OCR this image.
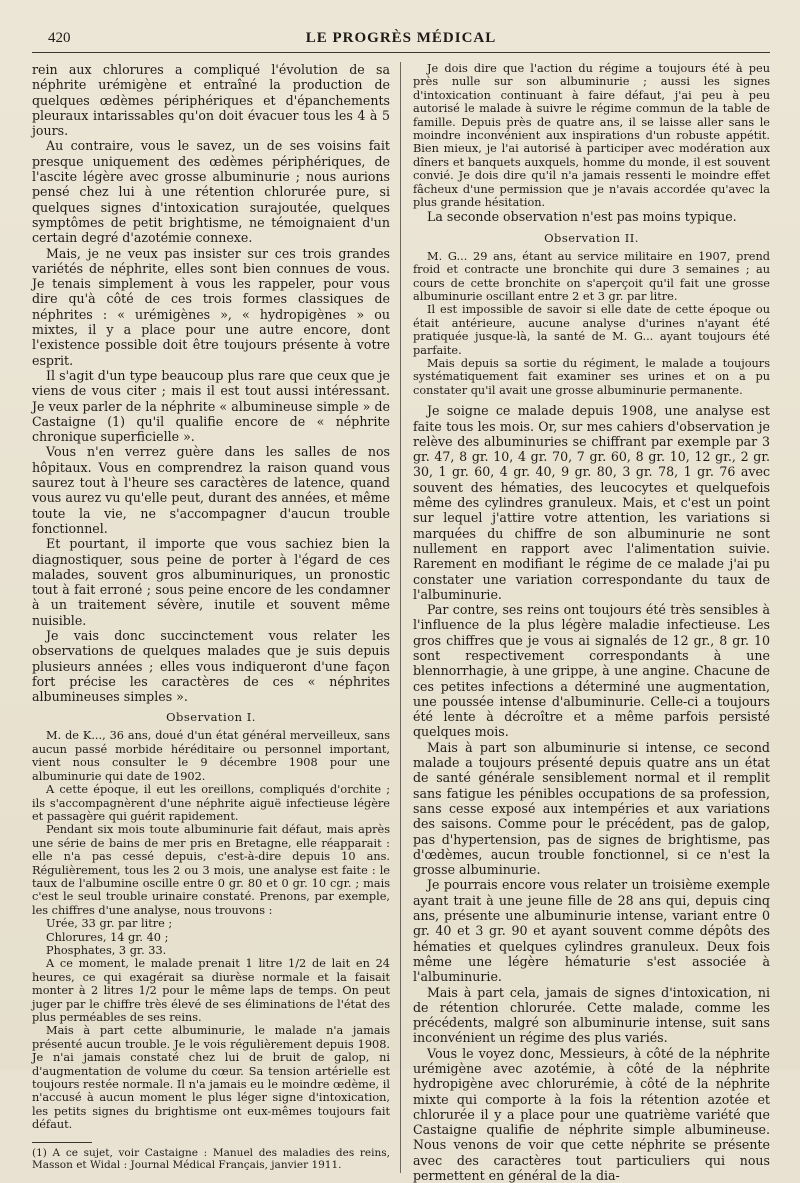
420	LE PROGRÈS MÉDICAL

rein aux chlorures a compliqué l'évolution de sa néphrite urémigène et entraîné la production de quelques œdèmes périphériques et d'épanchements pleuraux intarissables qu'on doit évacuer tous les 4 à 5 jours.

Au contraire, vous le savez, un de ses voisins fait presque uniquement des œdèmes périphériques, de l'ascite légère avec grosse albuminurie ; nous aurions pensé chez lui à une rétention chlorurée pure, si quelques signes d'intoxication surajoutée, quelques symptômes de petit brightisme, ne témoignaient d'un certain degré d'azotémie connexe.

Mais, je ne veux pas insister sur ces trois grandes variétés de néphrite, elles sont bien connues de vous. Je tenais simplement à vous les rappeler, pour vous dire qu'à côté de ces trois formes classiques de néphrites : « urémigènes », « hydropigènes » ou mixtes, il y a place pour une autre encore, dont l'existence possible doit être toujours présente à votre esprit.

Il s'agit d'un type beaucoup plus rare que ceux que je viens de vous citer ; mais il est tout aussi intéressant. Je veux parler de la néphrite « albumineuse simple » de Castaigne (1) qu'il qualifie encore de « néphrite chronique superficielle ».

Vous n'en verrez guère dans les salles de nos hôpitaux. Vous en comprendrez la raison quand vous saurez tout à l'heure ses caractères de latence, quand vous aurez vu qu'elle peut, durant des années, et même toute la vie, ne s'accompagner d'aucun trouble fonctionnel.

Et pourtant, il importe que vous sachiez bien la diagnostiquer, sous peine de porter à l'égard de ces malades, souvent gros albuminuriques, un pronostic tout à fait erroné ; sous peine encore de les condamner à un traitement sévère, inutile et souvent même nuisible.

Je vais donc succinctement vous relater les observations de quelques malades que je suis depuis plusieurs années ; elles vous indiqueront d'une façon fort précise les caractères de ces « néphrites albumineuses simples ».

Observation I.

M. de K..., 36 ans, doué d'un état général merveilleux, sans aucun passé morbide héréditaire ou personnel important, vient nous consulter le 9 décembre 1908 pour une albuminurie qui date de 1902.

A cette époque, il eut les oreillons, compliqués d'orchite ; ils s'accompagnèrent d'une néphrite aiguë infectieuse légère et passagère qui guérit rapidement.

Pendant six mois toute albuminurie fait défaut, mais après une série de bains de mer pris en Bretagne, elle réapparait : elle n'a pas cessé depuis, c'est-à-dire depuis 10 ans. Régulièrement, tous les 2 ou 3 mois, une analyse est faite : le taux de l'albumine oscille entre 0 gr. 80 et 0 gr. 10 cgr. ; mais c'est le seul trouble urinaire constaté. Prenons, par exemple, les chiffres d'une analyse, nous trouvons :

Urée, 33 gr. par litre ;

Chlorures, 14 gr. 40 ;

Phosphates, 3 gr. 33.

A ce moment, le malade prenait 1 litre 1/2 de lait en 24 heures, ce qui exagérait sa diurèse normale et la faisait monter à 2 litres 1/2 pour le même laps de temps. On peut juger par le chiffre très élevé de ses éliminations de l'état des plus perméables de ses reins.

Mais à part cette albuminurie, le malade n'a jamais présenté aucun trouble. Je le vois régulièrement depuis 1908. Je n'ai jamais constaté chez lui de bruit de galop, ni d'augmentation de volume du cœur. Sa tension artérielle est toujours restée normale. Il n'a jamais eu le moindre œdème, il n'accusé à aucun moment le plus léger signe d'intoxication, les petits signes du brightisme ont eux-mêmes toujours fait défaut.

(1) A ce sujet, voir Castaigne : Manuel des maladies des reins, Masson et Widal : Journal Médical Français, janvier 1911.

Je dois dire que l'action du régime a toujours été à peu près nulle sur son albuminurie ; aussi les signes d'intoxication continuant à faire défaut, j'ai peu à peu autorisé le malade à suivre le régime commun de la table de famille. Depuis près de quatre ans, il se laisse aller sans le moindre inconvénient aux inspirations d'un robuste appétit. Bien mieux, je l'ai autorisé à participer avec modération aux dîners et banquets auxquels, homme du monde, il est souvent convié. Je dois dire qu'il n'a jamais ressenti le moindre effet fâcheux d'une permission que je n'avais accordée qu'avec la plus grande hésitation.

La seconde observation n'est pas moins typique.

Observation II.

M. G... 29 ans, étant au service militaire en 1907, prend froid et contracte une bronchite qui dure 3 semaines ; au cours de cette bronchite on s'aperçoit qu'il fait une grosse albuminurie oscillant entre 2 et 3 gr. par litre.

Il est impossible de savoir si elle date de cette époque ou était antérieure, aucune analyse d'urines n'ayant été pratiquée jusque-là, la santé de M. G... ayant toujours été parfaite.

Mais depuis sa sortie du régiment, le malade a toujours systématiquement fait examiner ses urines et on a pu constater qu'il avait une grosse albuminurie permanente.

Je soigne ce malade depuis 1908, une analyse est faite tous les mois. Or, sur mes cahiers d'observation je relève des albuminuries se chiffrant par exemple par 3 gr. 47, 8 gr. 10, 4 gr. 70, 7 gr. 60, 8 gr. 10, 12 gr., 2 gr. 30, 1 gr. 60, 4 gr. 40, 9 gr. 80, 3 gr. 78, 1 gr. 76 avec souvent des hématies, des leucocytes et quelquefois même des cylindres granuleux. Mais, et c'est un point sur lequel j'attire votre attention, les variations si marquées du chiffre de son albuminurie ne sont nullement en rapport avec l'alimentation suivie. Rarement en modifiant le régime de ce malade j'ai pu constater une variation correspondante du taux de l'albuminurie.

Par contre, ses reins ont toujours été très sensibles à l'influence de la plus légère maladie infectieuse. Les gros chiffres que je vous ai signalés de 12 gr., 8 gr. 10 sont respectivement correspondants à une blennorrhagie, à une grippe, à une angine. Chacune de ces petites infections a déterminé une augmentation, une poussée intense d'albuminurie. Celle-ci a toujours été lente à décroître et a même parfois persisté quelques mois.

Mais à part son albuminurie si intense, ce second malade a toujours présenté depuis quatre ans un état de santé générale sensiblement normal et il remplit sans fatigue les pénibles occupations de sa profession, sans cesse exposé aux intempéries et aux variations des saisons. Comme pour le précédent, pas de galop, pas d'hypertension, pas de signes de brightisme, pas d'œdèmes, aucun trouble fonctionnel, si ce n'est la grosse albuminurie.

Je pourrais encore vous relater un troisième exemple ayant trait à une jeune fille de 28 ans qui, depuis cinq ans, présente une albuminurie intense, variant entre 0 gr. 40 et 3 gr. 90 et ayant souvent comme dépôts des hématies et quelques cylindres granuleux. Deux fois même une légère hématurie s'est associée à l'albuminurie.

Mais à part cela, jamais de signes d'intoxication, ni de rétention chlorurée. Cette malade, comme les précédents, malgré son albuminurie intense, suit sans inconvénient un régime des plus variés.

Vous le voyez donc, Messieurs, à côté de la néphrite urémigène avec azotémie, à côté de la néphrite hydropigène avec chlorurémie, à côté de la néphrite mixte qui comporte à la fois la rétention azotée et chlorurée il y a place pour une quatrième variété que Castaigne qualifie de néphrite simple albumineuse. Nous venons de voir que cette néphrite se présente avec des caractères tout particuliers qui nous permettent en général de la dia-
